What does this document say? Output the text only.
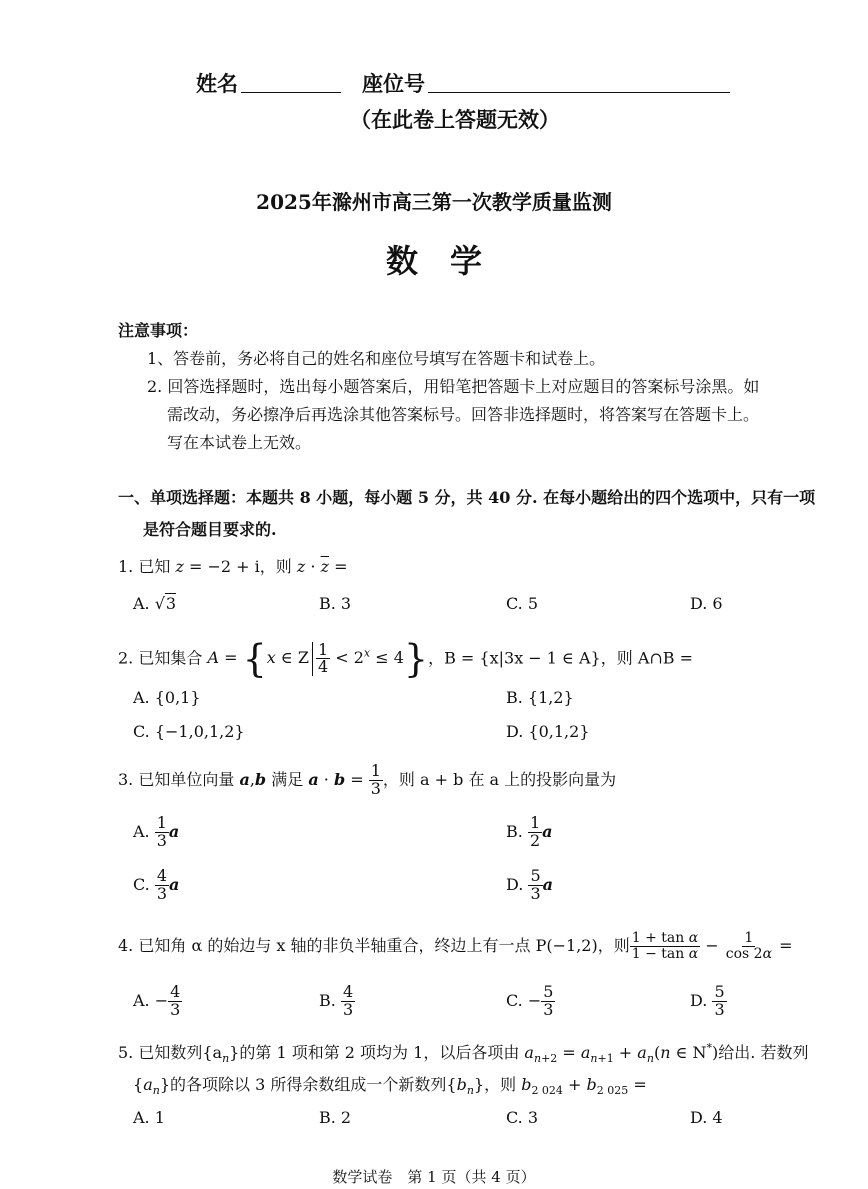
姓名	座位号
（在此卷上答题无效）
2025年滁州市高三第一次教学质量监测
数　学
注意事项：
1、答卷前，务必将自己的姓名和座位号填写在答题卡和试卷上。
2. 回答选择题时，选出每小题答案后，用铅笔把答题卡上对应题目的答案标号涂黑。如
需改动，务必擦净后再选涂其他答案标号。回答非选择题时，将答案写在答题卡上。
写在本试卷上无效。
一、单项选择题：本题共 8 小题，每小题 5 分，共 40 分. 在每小题给出的四个选项中，只有一项
是符合题目要求的.
1. 已知 z = −2 + i，则 $z \cdot \overline{z}$ =
A. √3	B. 3	C. 5	D. 6
2. 已知集合 A = {x ∈ Z $\frac{1}{4} < 2^x \le 4$}，B = {x|3x − 1 ∈ A}，则 A∩B =
A. {0,1}	B. {1,2}
C. {−1,0,1,2}	D. {0,1,2}
3. 已知单位向量 a,b 满足 $a \cdot b = \frac{1}{3}$ ，则 a + b 在 a 上的投影向量为
A. $\frac{1}{3}$ a	B. $\frac{1}{2}$ a
C. $\frac{4}{3}$ a	D. $\frac{5}{3}$ a
4. 已知角 α 的始边与 x 轴的非负半轴重合，终边上有一点 P(−1,2)，则 $\frac{\text{1 + tan α}}{\text{1 − tan α}} - \frac{1}{\cos 2\alpha}$ =
A. − $\frac{4}{3}$	B. $\frac{4}{3}$	C. − $\frac{5}{3}$	D. $\frac{5}{3}$
5. 已知数列$\{a_n\}$的第 1 项和第 2 项均为 1，以后各项由 $a_{n+2} = a_{n+1} + a_n(n$ ∈ N*)给出. 若数列
$\{a_n\}$的各项除以 3 所得余数组成一个新数列$\{b_n\}$，则 $b_{2 024} + b_{2 025}$ =
A. 1	B. 2	C. 3	D. 4
数学试卷　第 1 页（共 4 页）
